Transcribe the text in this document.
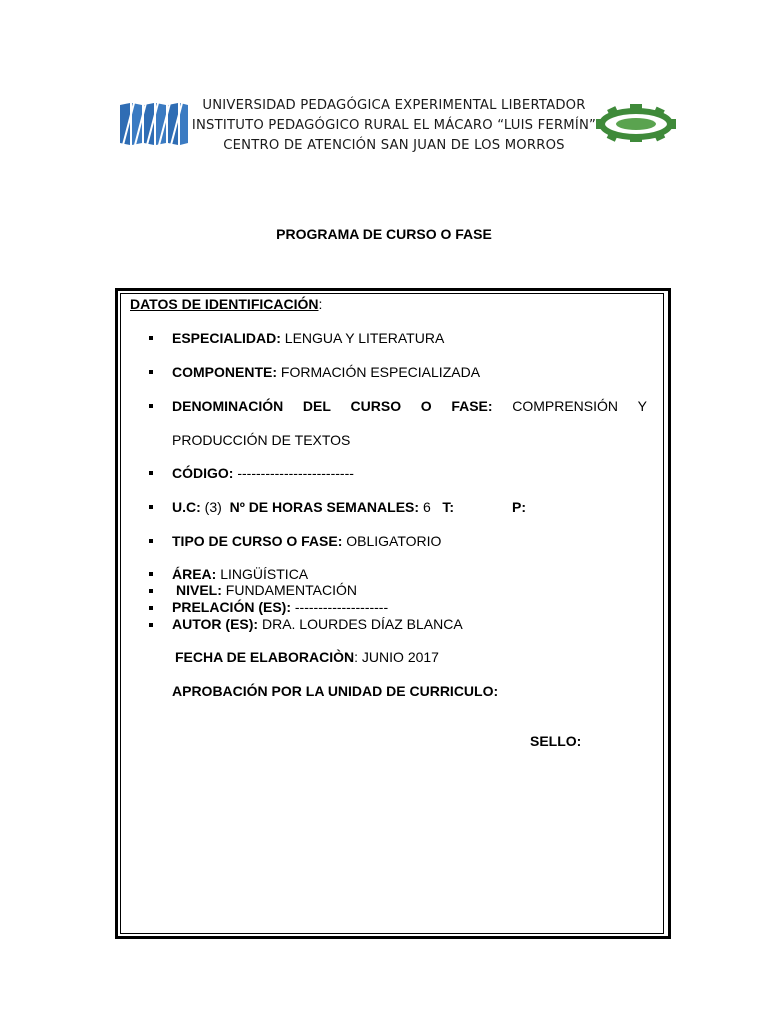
UNIVERSIDAD PEDAGÓGICA EXPERIMENTAL LIBERTADOR
INSTITUTO PEDAGÓGICO RURAL EL MÁCARO “LUIS FERMÍN”
CENTRO DE ATENCIÓN SAN JUAN DE LOS MORROS
PROGRAMA DE CURSO O FASE
DATOS DE IDENTIFICACIÓN:
ESPECIALIDAD: LENGUA Y LITERATURA
COMPONENTE: FORMACIÓN ESPECIALIZADA
DENOMINACIÓN DEL CURSO O FASE: COMPRENSIÓN Y
PRODUCCIÓN DE TEXTOS
CÓDIGO: -------------------------
U.C: (3) Nº DE HORAS SEMANALES: 6 T:	P:
TIPO DE CURSO O FASE: OBLIGATORIO
ÁREA: LINGÜÍSTICA
NIVEL: FUNDAMENTACIÓN
PRELACIÓN (ES): --------------------
AUTOR (ES): DRA. LOURDES DÍAZ BLANCA
FECHA DE ELABORACIÒN: JUNIO 2017
APROBACIÓN POR LA UNIDAD DE CURRICULO:
SELLO:
